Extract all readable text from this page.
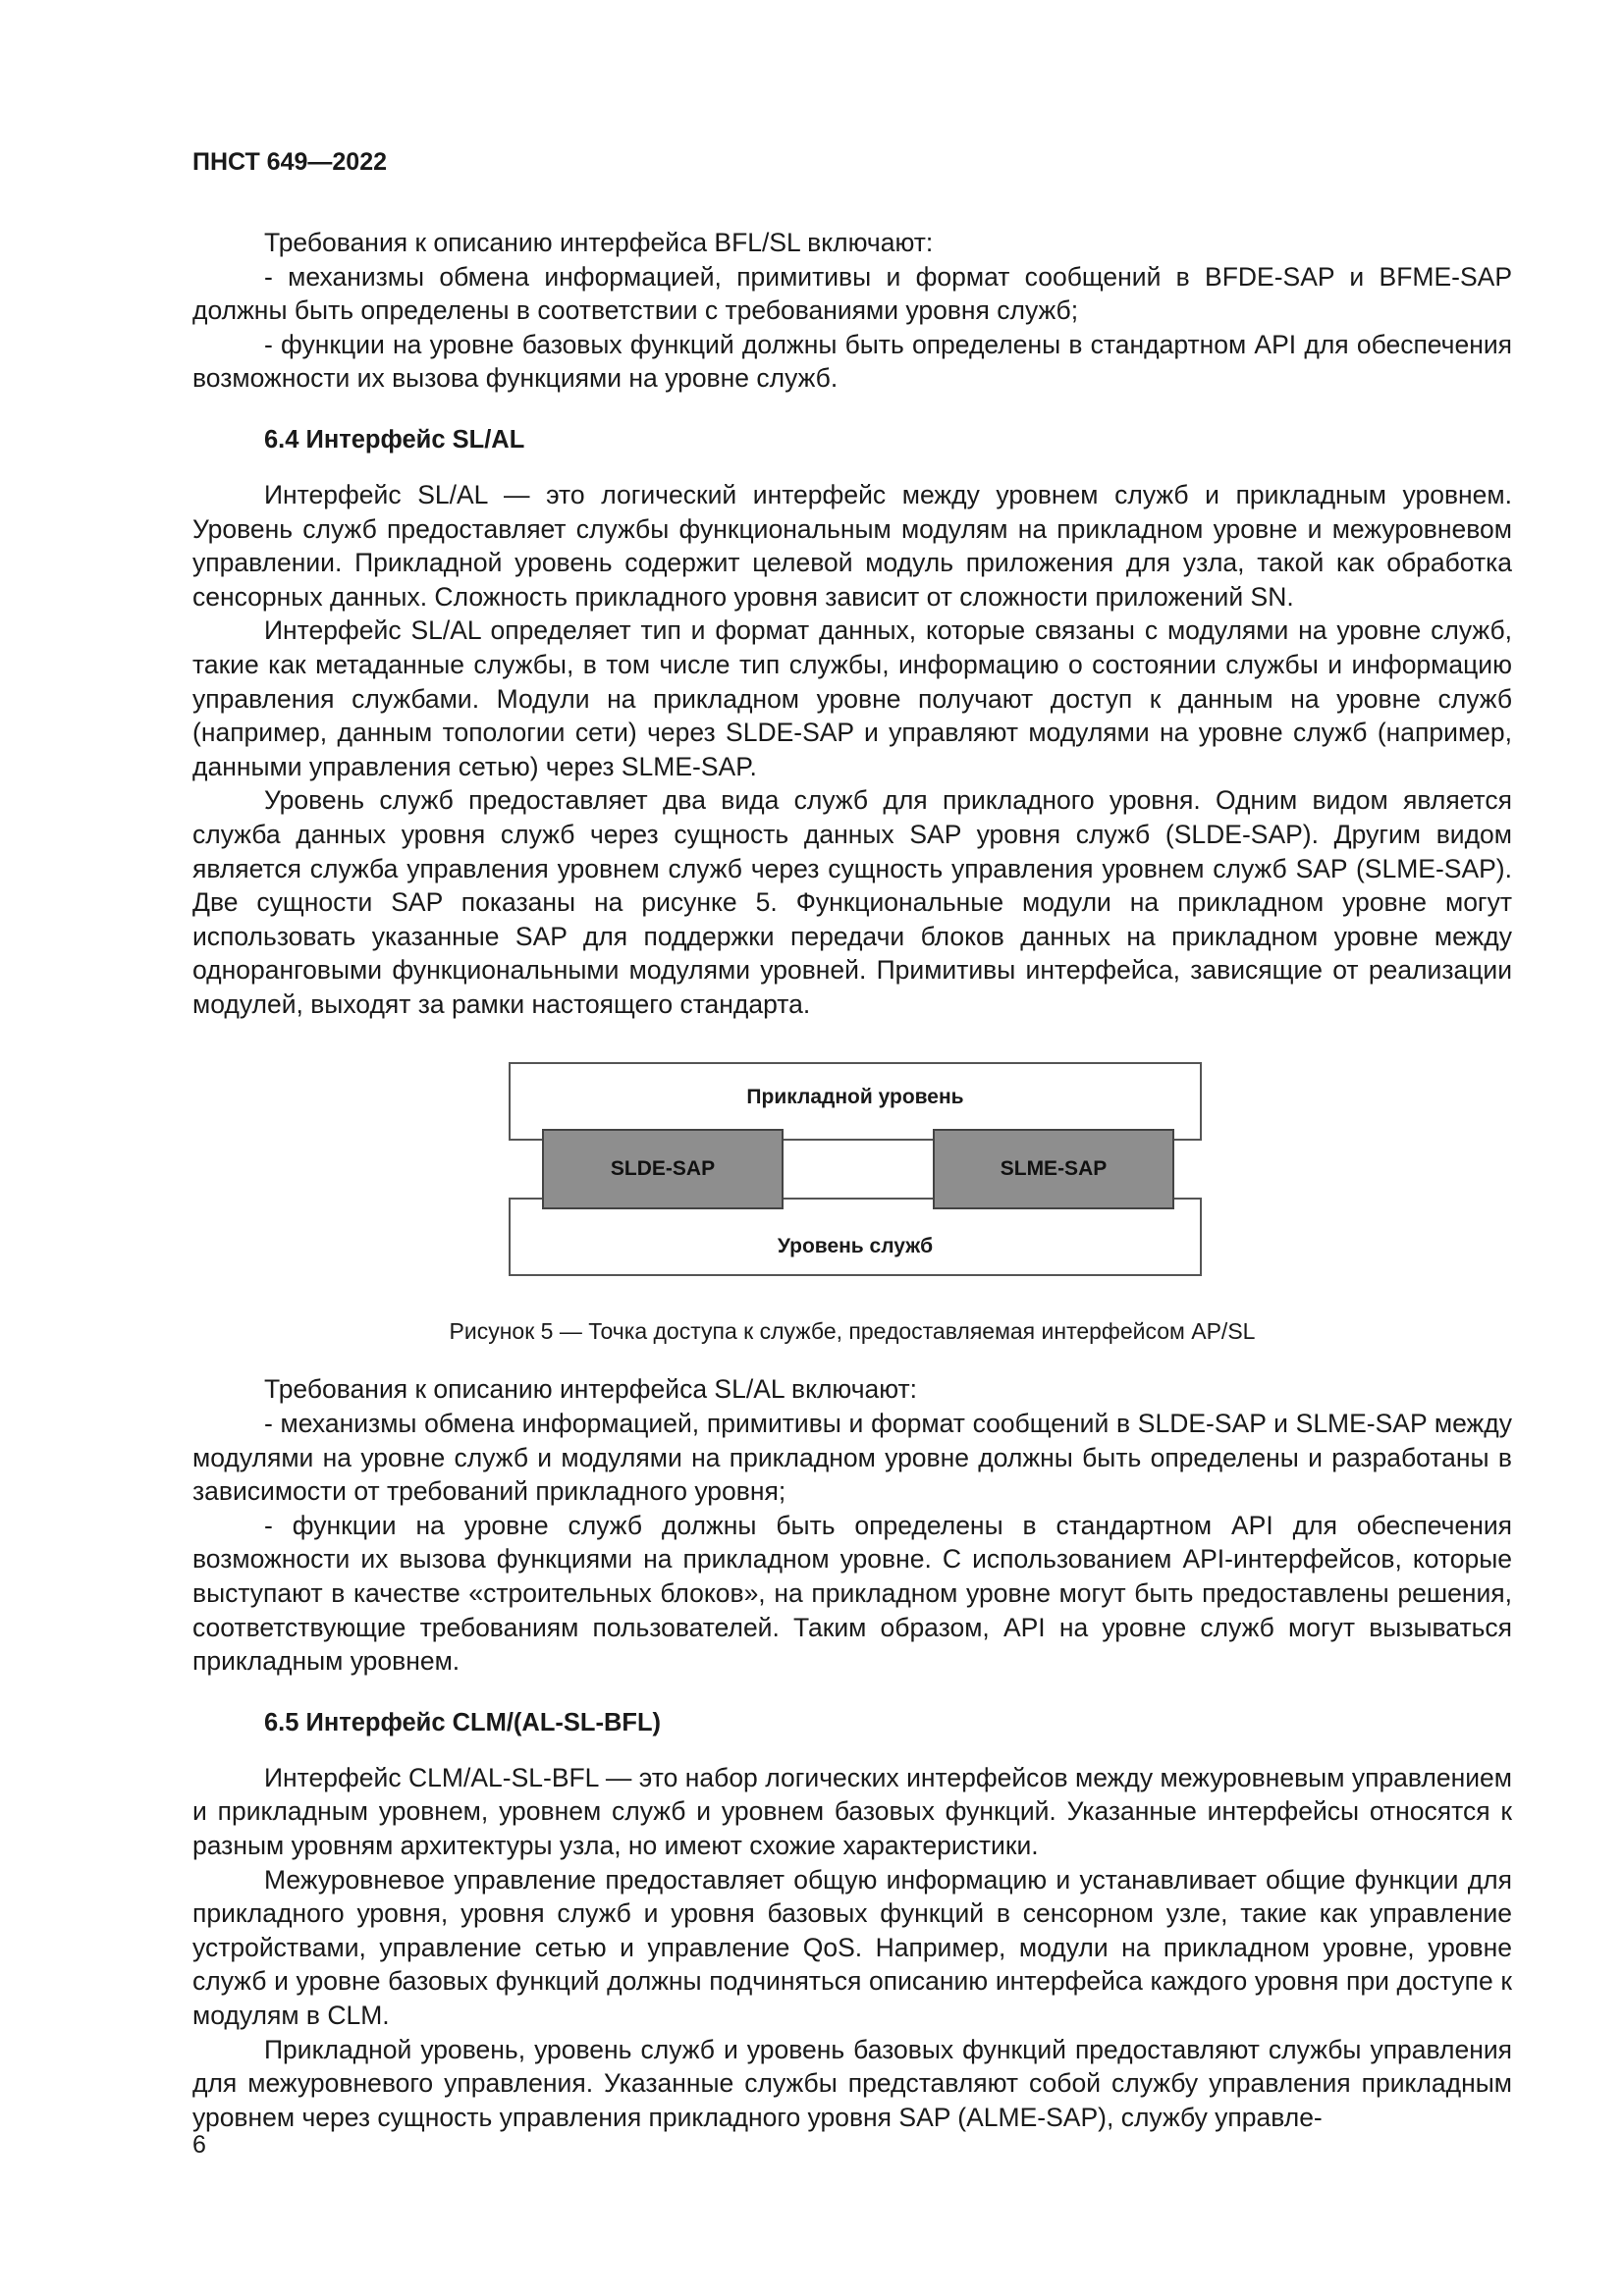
ПНСТ 649—2022

Требования к описанию интерфейса BFL/SL включают:

- механизмы обмена информацией, примитивы и формат сообщений в BFDE-SAP и BFME-SAP должны быть определены в соответствии с требованиями уровня служб;

- функции на уровне базовых функций должны быть определены в стандартном API для обеспечения возможности их вызова функциями на уровне служб.

6.4 Интерфейс SL/AL

Интерфейс SL/AL — это логический интерфейс между уровнем служб и прикладным уровнем. Уровень служб предоставляет службы функциональным модулям на прикладном уровне и межуровневом управлении. Прикладной уровень содержит целевой модуль приложения для узла, такой как обработка сенсорных данных. Сложность прикладного уровня зависит от сложности приложений SN.

Интерфейс SL/AL определяет тип и формат данных, которые связаны с модулями на уровне служб, такие как метаданные службы, в том числе тип службы, информацию о состоянии службы и информацию управления службами. Модули на прикладном уровне получают доступ к данным на уровне служб (например, данным топологии сети) через SLDE-SAP и управляют модулями на уровне служб (например, данными управления сетью) через SLME-SAP.

Уровень служб предоставляет два вида служб для прикладного уровня. Одним видом является служба данных уровня служб через сущность данных SAP уровня служб (SLDE-SAP). Другим видом является служба управления уровнем служб через сущность управления уровнем служб SAP (SLME-SAP). Две сущности SAP показаны на рисунке 5. Функциональные модули на прикладном уровне могут использовать указанные SAP для поддержки передачи блоков данных на прикладном уровне между одноранговыми функциональными модулями уровней. Примитивы интерфейса, зависящие от реализации модулей, выходят за рамки настоящего стандарта.

Прикладной уровень
Уровень служб
SLDE-SAP	SLME-SAP

Рисунок 5 — Точка доступа к службе, предоставляемая интерфейсом AP/SL

Требования к описанию интерфейса SL/AL включают:

- механизмы обмена информацией, примитивы и формат сообщений в SLDE-SAP и SLME-SAP между модулями на уровне служб и модулями на прикладном уровне должны быть определены и разработаны в зависимости от требований прикладного уровня;

- функции на уровне служб должны быть определены в стандартном API для обеспечения возможности их вызова функциями на прикладном уровне. С использованием API-интерфейсов, которые выступают в качестве «строительных блоков», на прикладном уровне могут быть предоставлены решения, соответствующие требованиям пользователей. Таким образом, API на уровне служб могут вызываться прикладным уровнем.

6.5 Интерфейс CLM/(AL-SL-BFL)

Интерфейс CLM/AL-SL-BFL — это набор логических интерфейсов между межуровневым управлением и прикладным уровнем, уровнем служб и уровнем базовых функций. Указанные интерфейсы относятся к разным уровням архитектуры узла, но имеют схожие характеристики.

Межуровневое управление предоставляет общую информацию и устанавливает общие функции для прикладного уровня, уровня служб и уровня базовых функций в сенсорном узле, такие как управление устройствами, управление сетью и управление QoS. Например, модули на прикладном уровне, уровне служб и уровне базовых функций должны подчиняться описанию интерфейса каждого уровня при доступе к модулям в CLM.

Прикладной уровень, уровень служб и уровень базовых функций предоставляют службы управления для межуровневого управления. Указанные службы представляют собой службу управления прикладным уровнем через сущность управления прикладного уровня SAP (ALME-SAP), службу управле-

6
